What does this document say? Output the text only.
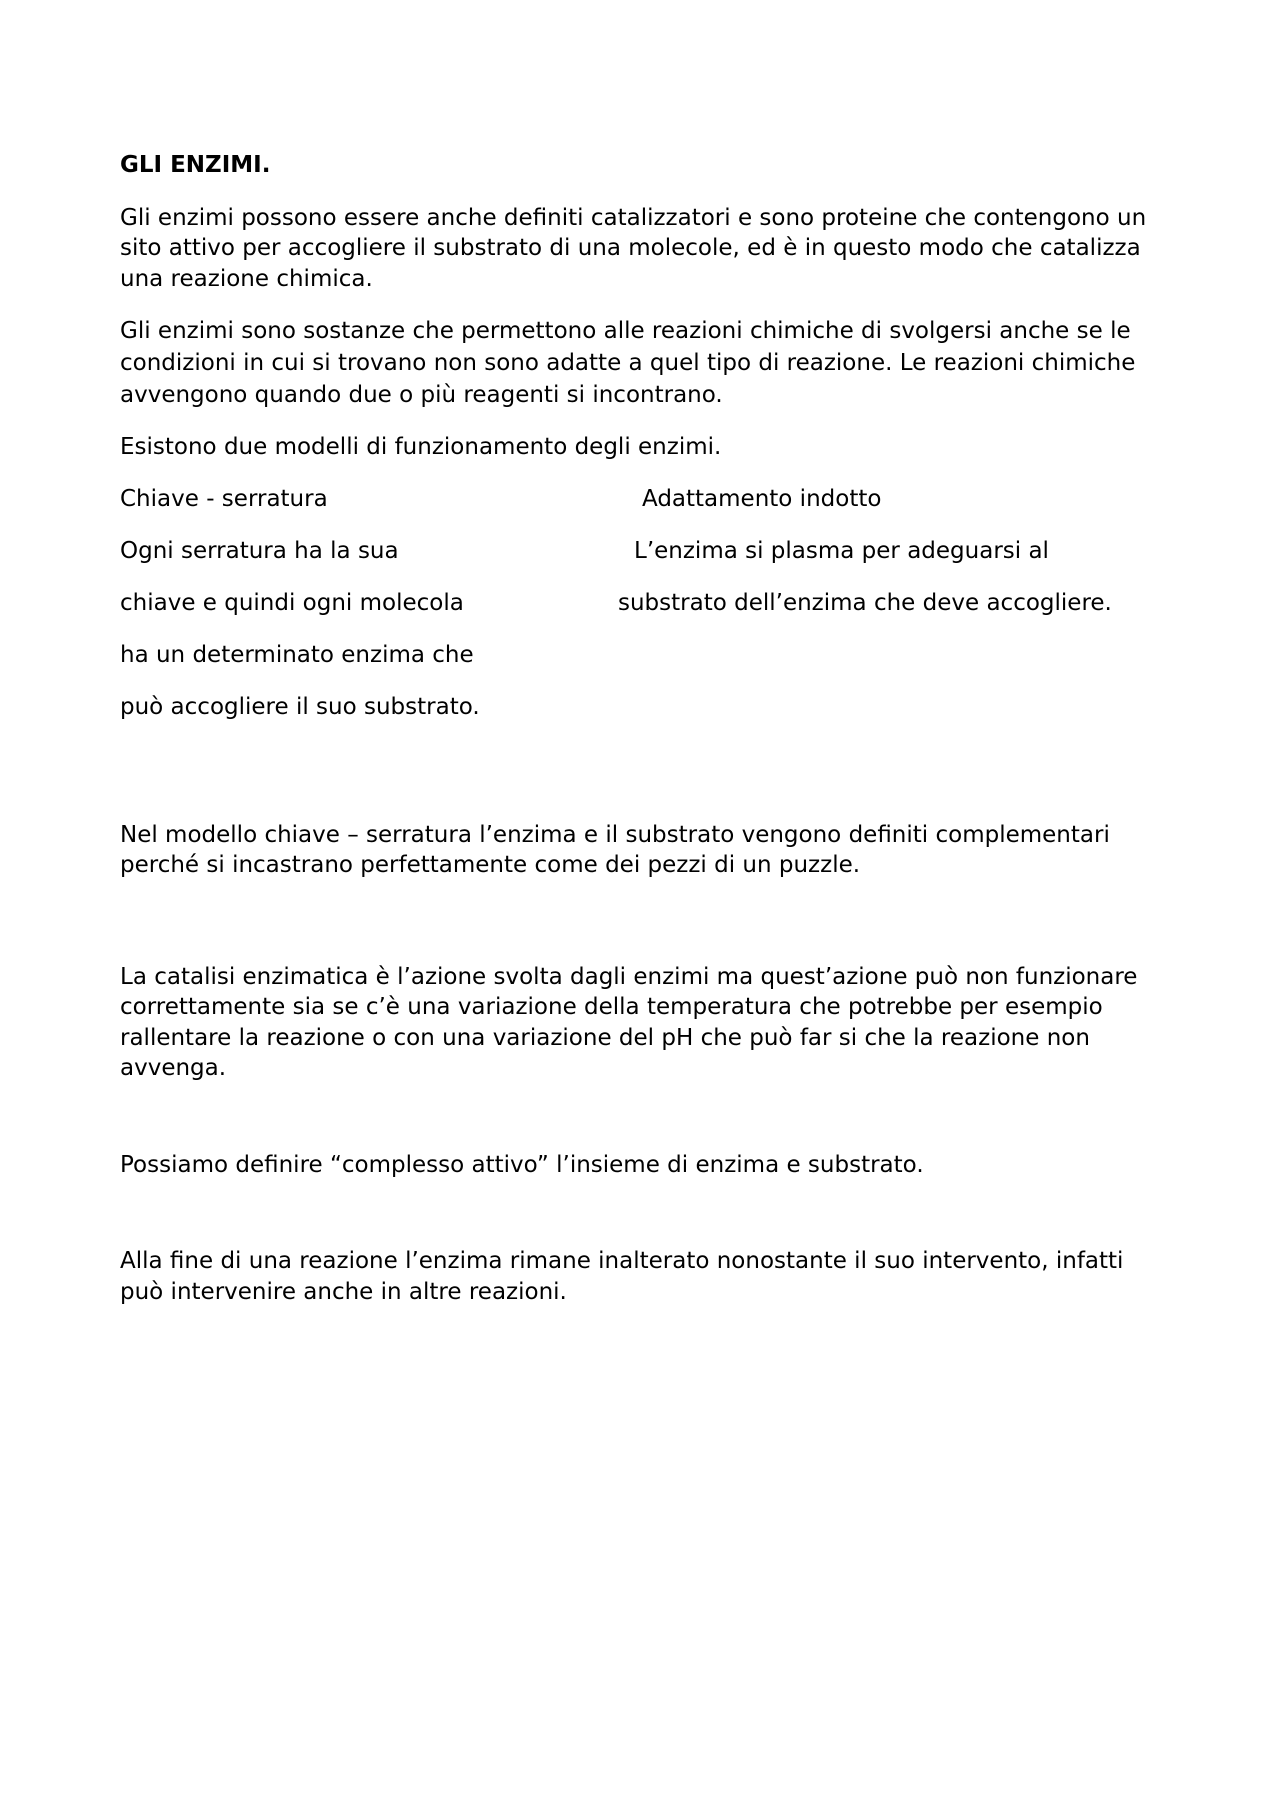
GLI ENZIMI.

Gli enzimi possono essere anche definiti catalizzatori e sono proteine che contengono un sito attivo per accogliere il substrato di una molecole, ed è in questo modo che catalizza una reazione chimica.

Gli enzimi sono sostanze che permettono alle reazioni chimiche di svolgersi anche se le condizioni in cui si trovano non sono adatte a quel tipo di reazione. Le reazioni chimiche avvengono quando due o più reagenti si incontrano.

Esistono due modelli di funzionamento degli enzimi.

Chiave - serratura
Ogni serratura ha la sua
chiave e quindi ogni molecola
ha un determinato enzima che
può accogliere il suo substrato.
Adattamento indotto
L’enzima si plasma per adeguarsi al
substrato dell’enzima che deve accogliere.

Nel modello chiave – serratura l’enzima e il substrato vengono definiti complementari perché si incastrano perfettamente come dei pezzi di un puzzle.

La catalisi enzimatica è l’azione svolta dagli enzimi ma quest’azione può non funzionare correttamente sia se c’è una variazione della temperatura che potrebbe per esempio rallentare la reazione o con una variazione del pH che può far si che la reazione non avvenga.

Possiamo definire “complesso attivo” l’insieme di enzima e substrato.

Alla fine di una reazione l’enzima rimane inalterato nonostante il suo intervento, infatti può intervenire anche in altre reazioni.
